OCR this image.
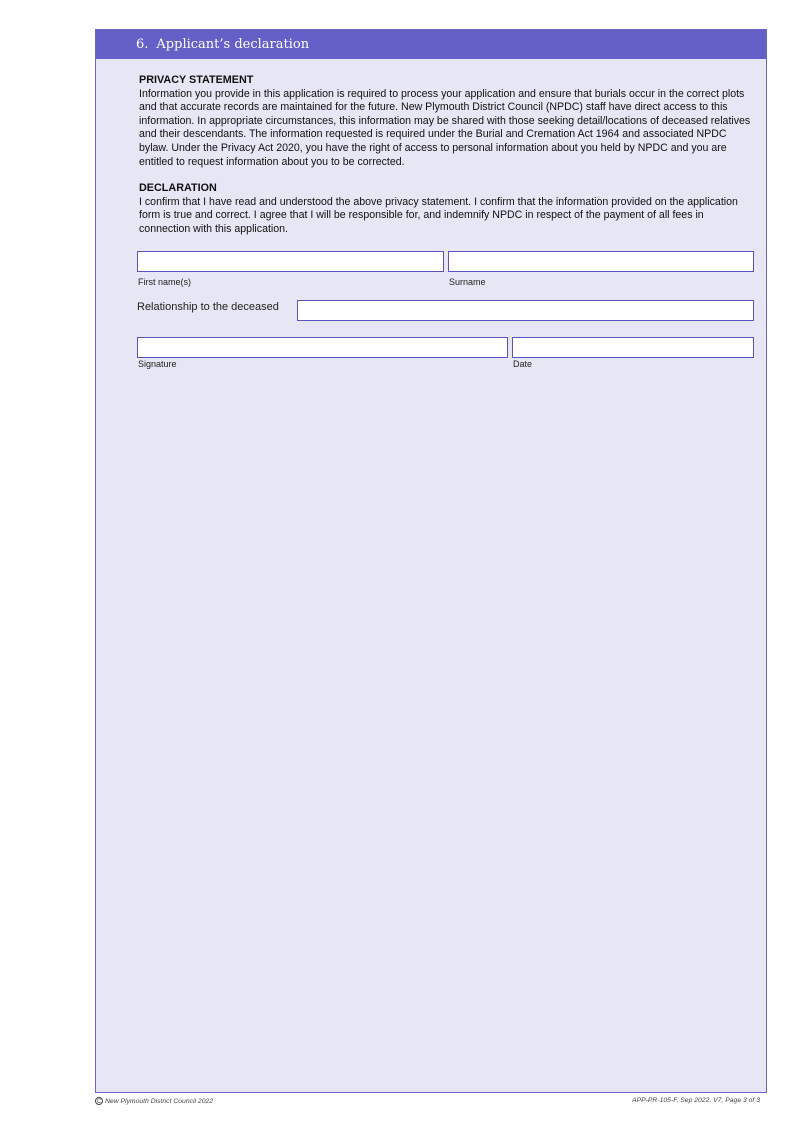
6. Applicant’s declaration
PRIVACY STATEMENT

Information you provide in this application is required to process your application and ensure that burials occur in the correct plots and that accurate records are maintained for the future. New Plymouth District Council (NPDC) staff have direct access to this information. In appropriate circumstances, this information may be shared with those seeking detail/locations of deceased relatives and their descendants. The information requested is required under the Burial and Cremation Act 1964 and associated NPDC bylaw. Under the Privacy Act 2020, you have the right of access to personal information about you held by NPDC and you are entitled to request information about you to be corrected.

DECLARATION

I confirm that I have read and understood the above privacy statement. I confirm that the information provided on the application form is true and correct. I agree that I will be responsible for, and indemnify NPDC in respect of the payment of all fees in connection with this application.

First name(s)	Surname
Relationship to the deceased
Signature	Date
C New Plymouth District Council 2022	APP-PR-105-F, Sep 2022, V7, Page 3 of 3
